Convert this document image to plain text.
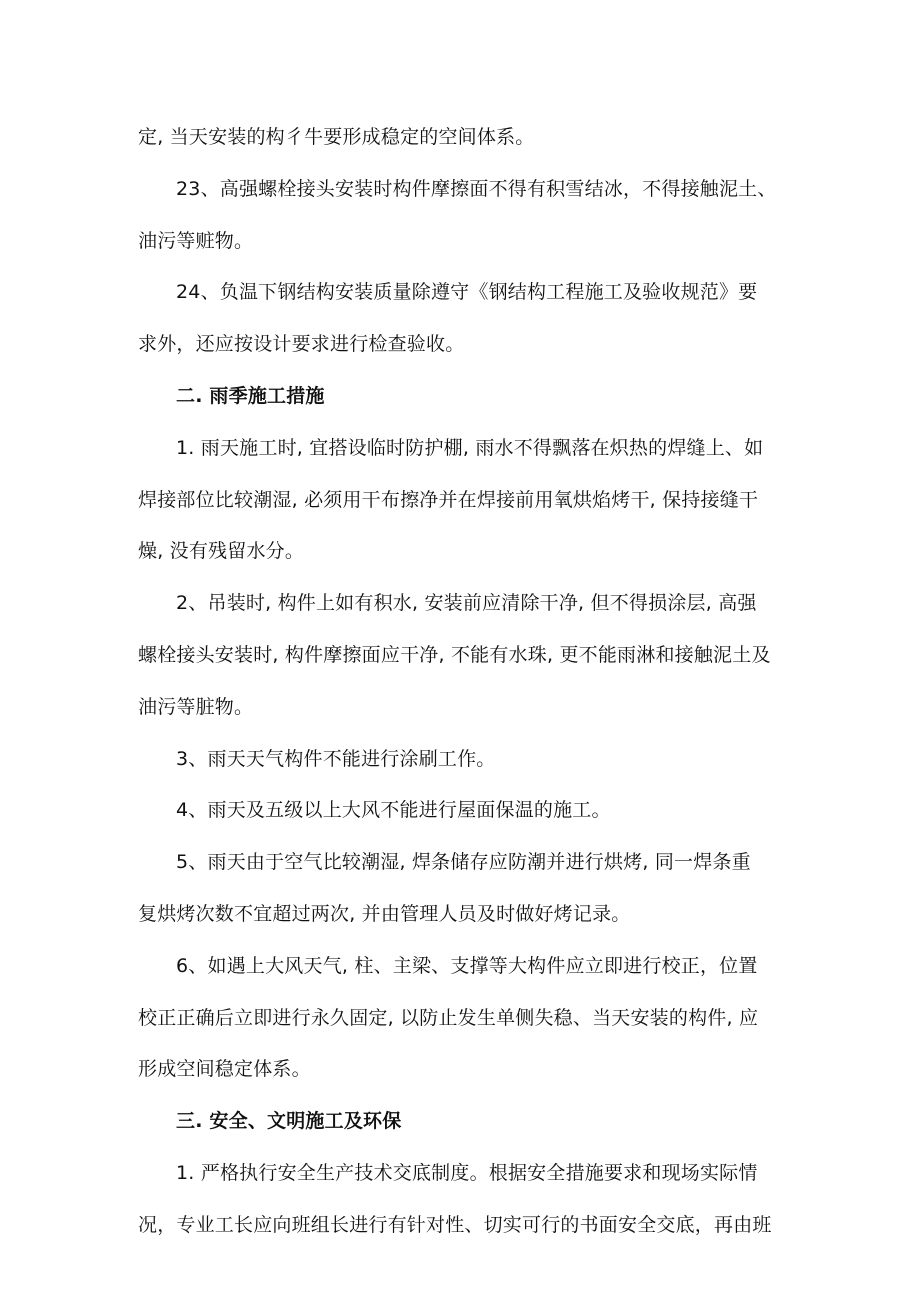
定, 当天安装的构彳牛要形成稳定的空间体系。
23、高强螺栓接头安装时构件摩擦面不得有积雪结冰，不得接触泥土、
油污等赃物。
24、负温下钢结构安装质量除遵守《钢结构工程施工及验收规范》要
求外，还应按设计要求进行检查验收。
二. 雨季施工措施
1. 雨天施工时, 宜搭设临时防护棚, 雨水不得飘落在炽热的焊缝上、如
焊接部位比较潮湿, 必须用干布擦净并在焊接前用氧烘焰烤干, 保持接缝干
燥, 没有残留水分。
2、吊装时, 构件上如有积水, 安装前应清除干净, 但不得损涂层, 高强
螺栓接头安装时, 构件摩擦面应干净, 不能有水珠, 更不能雨淋和接触泥土及
油污等脏物。
3、雨天天气构件不能进行涂刷工作。
4、雨天及五级以上大风不能进行屋面保温的施工。
5、雨天由于空气比较潮湿, 焊条储存应防潮并进行烘烤, 同一焊条重
复烘烤次数不宜超过两次, 并由管理人员及时做好烤记录。
6、如遇上大风天气, 柱、主梁、支撑等大构件应立即进行校正，位置
校正正确后立即进行永久固定, 以防止发生单侧失稳、当天安装的构件, 应
形成空间稳定体系。
三. 安全、文明施工及环保
1. 严格执行安全生产技术交底制度。根据安全措施要求和现场实际情
况，专业工长应向班组长进行有针对性、切实可行的书面安全交底，再由班
